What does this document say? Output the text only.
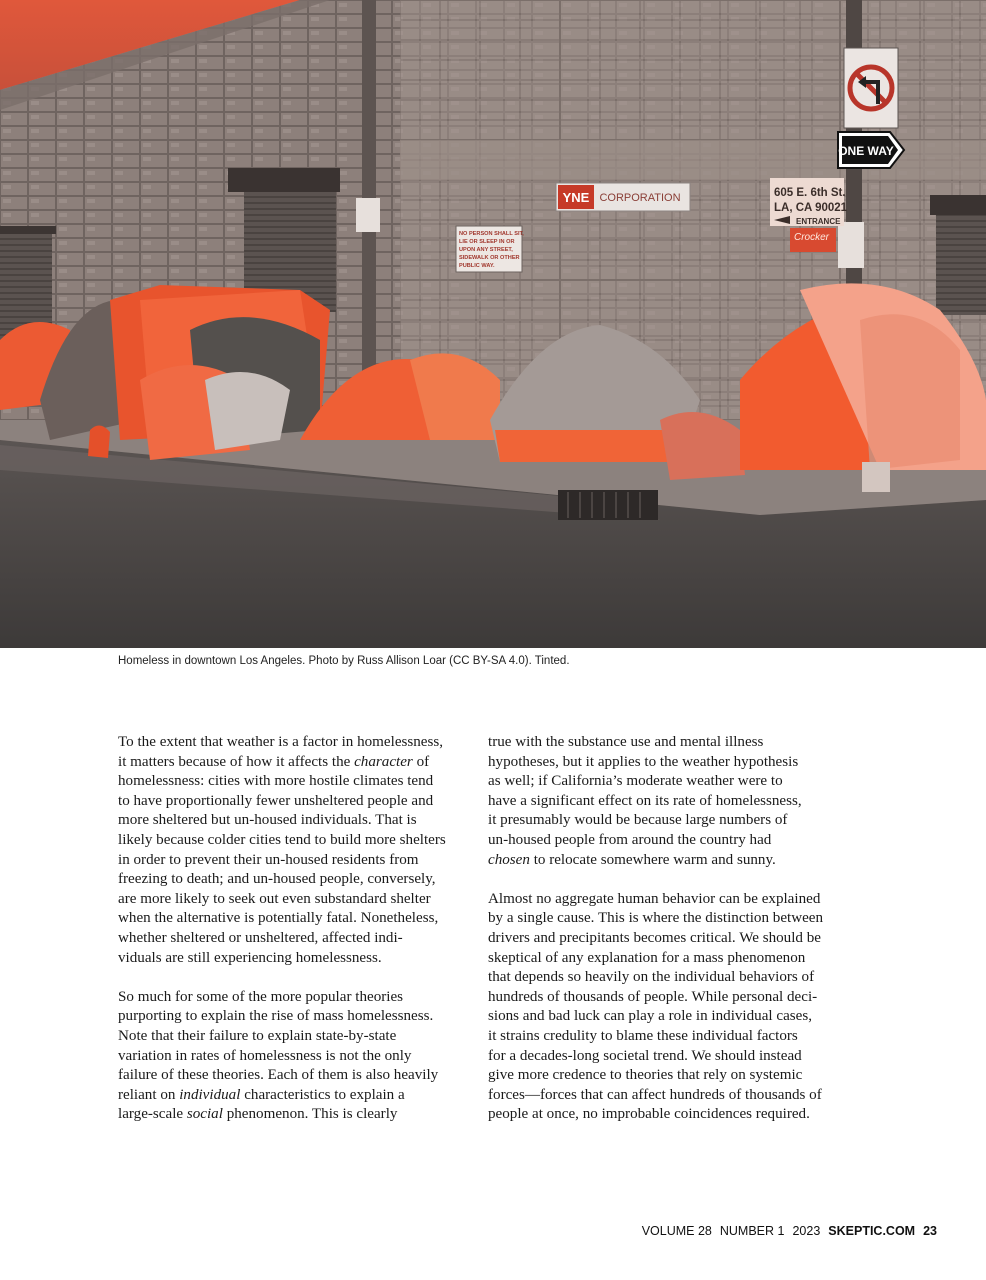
YNE CORPORATION
NO PERSON SHALL SIT, LIE OR SLEEP IN OR UPON ANY STREET, SIDEWALK OR OTHER PUBLIC WAY.
605 E. 6th St.
LA, CA 90021
ENTRANCE
Crocker
ONE WAY
Homeless in downtown Los Angeles. Photo by Russ Allison Loar (CC BY-SA 4.0). Tinted.

To the extent that weather is a factor in homelessness,
it matters because of how it affects the character of
homelessness: cities with more hostile climates tend
to have proportionally fewer unsheltered people and
more sheltered but un-housed individuals. That is
likely because colder cities tend to build more shelters
in order to prevent their un-housed residents from
freezing to death; and un-housed people, conversely,
are more likely to seek out even substandard shelter
when the alternative is potentially fatal. Nonetheless,
whether sheltered or unsheltered, affected indi-
viduals are still experiencing homelessness.

So much for some of the more popular theories
purporting to explain the rise of mass homelessness.
Note that their failure to explain state-by-state
variation in rates of homelessness is not the only
failure of these theories. Each of them is also heavily
reliant on individual characteristics to explain a
large-scale social phenomenon. This is clearly

true with the substance use and mental illness
hypotheses, but it applies to the weather hypothesis
as well; if California’s moderate weather were to
have a significant effect on its rate of homelessness,
it presumably would be because large numbers of
un-housed people from around the country had
chosen to relocate somewhere warm and sunny.

Almost no aggregate human behavior can be explained
by a single cause. This is where the distinction between
drivers and precipitants becomes critical. We should be
skeptical of any explanation for a mass phenomenon
that depends so heavily on the individual behaviors of
hundreds of thousands of people. While personal deci-
sions and bad luck can play a role in individual cases,
it strains credulity to blame these individual factors
for a decades-long societal trend. We should instead
give more credence to theories that rely on systemic
forces—forces that can affect hundreds of thousands of
people at once, no improbable coincidences required.

VOLUME 28 NUMBER 1 2023 SKEPTIC.COM 23
